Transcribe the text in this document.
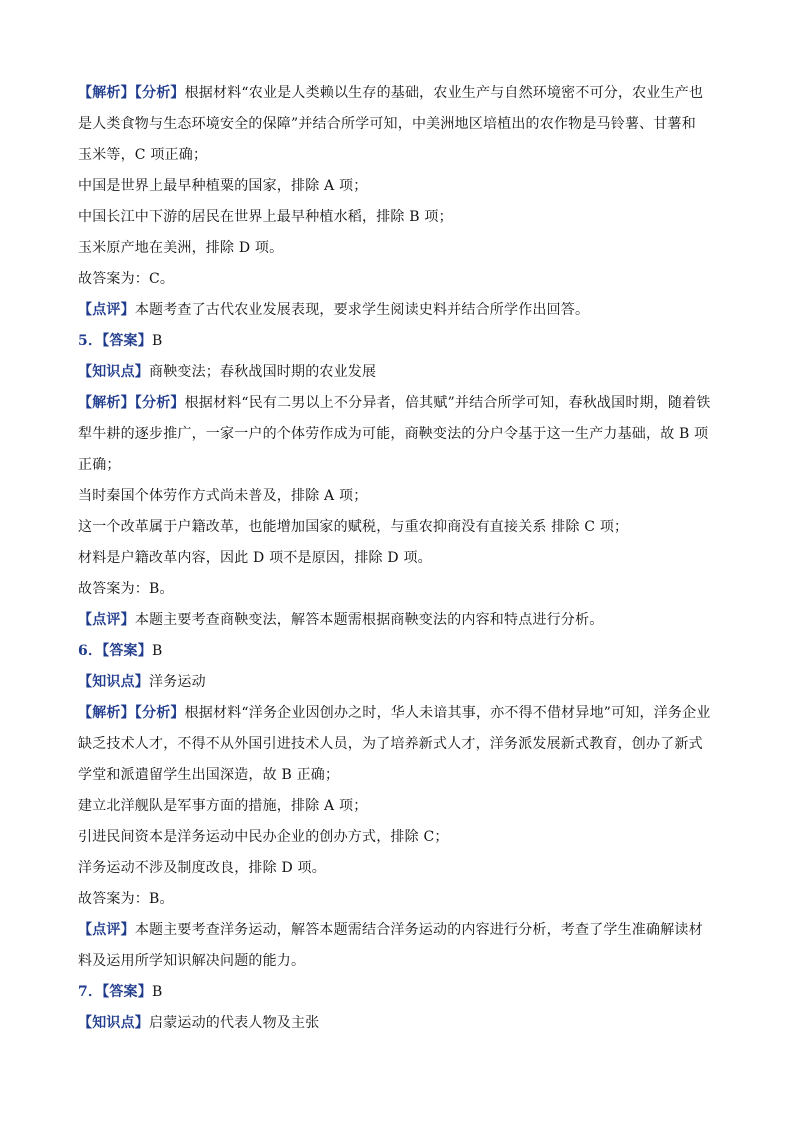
【解析】【分析】根据材料“农业是人类赖以生存的基础，农业生产与自然环境密不可分，农业生产也
是人类食物与生态环境安全的保障”并结合所学可知，中美洲地区培植出的农作物是马铃薯、甘薯和
玉米等，C 项正确；
中国是世界上最早种植粟的国家，排除 A 项；
中国长江中下游的居民在世界上最早种植水稻，排除 B 项；
玉米原产地在美洲，排除 D 项。
故答案为：C。
【点评】本题考查了古代农业发展表现，要求学生阅读史料并结合所学作出回答。
5．【答案】B
【知识点】商鞅变法；春秋战国时期的农业发展
【解析】【分析】根据材料“民有二男以上不分异者，倍其赋”并结合所学可知，春秋战国时期，随着铁
犁牛耕的逐步推广，一家一户的个体劳作成为可能，商鞅变法的分户令基于这一生产力基础，故 B 项
正确；
当时秦国个体劳作方式尚未普及，排除 A 项；
这一个改革属于户籍改革，也能增加国家的赋税，与重农抑商没有直接关系 排除 C 项；
材料是户籍改革内容，因此 D 项不是原因，排除 D 项。
故答案为：B。
【点评】本题主要考查商鞅变法，解答本题需根据商鞅变法的内容和特点进行分析。
6．【答案】B
【知识点】洋务运动
【解析】【分析】根据材料“洋务企业因创办之时，华人未谙其事，亦不得不借材异地”可知，洋务企业
缺乏技术人才，不得不从外国引进技术人员，为了培养新式人才，洋务派发展新式教育，创办了新式
学堂和派遣留学生出国深造，故 B 正确；
建立北洋舰队是军事方面的措施，排除 A 项；
引进民间资本是洋务运动中民办企业的创办方式，排除 C；
洋务运动不涉及制度改良，排除 D 项。
故答案为：B。
【点评】本题主要考查洋务运动，解答本题需结合洋务运动的内容进行分析，考查了学生准确解读材
料及运用所学知识解决问题的能力。
7．【答案】B
【知识点】启蒙运动的代表人物及主张
